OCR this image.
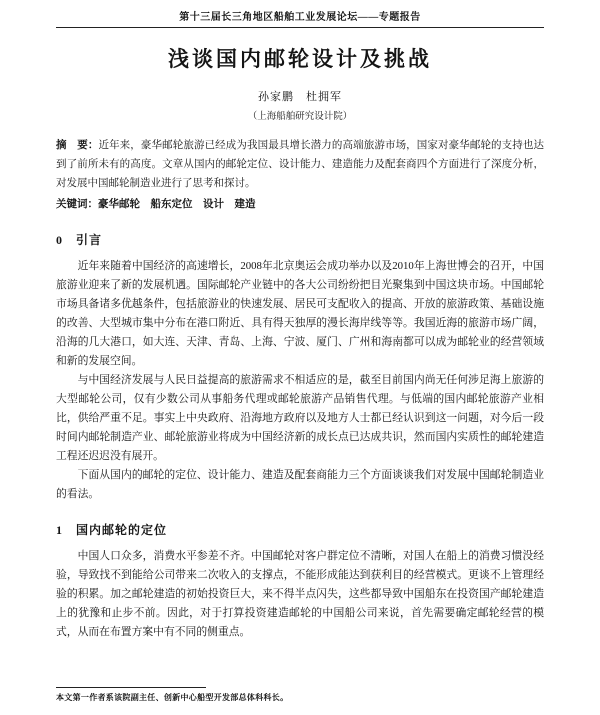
第十三届长三角地区船舶工业发展论坛——专题报告
浅谈国内邮轮设计及挑战
孙家鹏　杜拥军
（上海船舶研究设计院）
摘　要：近年来，豪华邮轮旅游已经成为我国最具增长潜力的高端旅游市场，国家对豪华邮轮的支持也达到了前所未有的高度。文章从国内的邮轮定位、设计能力、建造能力及配套商四个方面进行了深度分析，对发展中国邮轮制造业进行了思考和探讨。
关键词：豪华邮轮　船东定位　设计　建造
0　引言

近年来随着中国经济的高速增长，2008年北京奥运会成功举办以及2010年上海世博会的召开，中国旅游业迎来了新的发展机遇。国际邮轮产业链中的各大公司纷纷把目光聚集到中国这块市场。中国邮轮市场具备诸多优越条件，包括旅游业的快速发展、居民可支配收入的提高、开放的旅游政策、基础设施的改善、大型城市集中分布在港口附近、具有得天独厚的漫长海岸线等等。我国近海的旅游市场广阔，沿海的几大港口，如大连、天津、青岛、上海、宁波、厦门、广州和海南都可以成为邮轮业的经营领域和新的发展空间。

与中国经济发展与人民日益提高的旅游需求不相适应的是，截至目前国内尚无任何涉足海上旅游的大型邮轮公司，仅有少数公司从事船务代理或邮轮旅游产品销售代理。与低端的国内邮轮旅游产业相比，供给严重不足。事实上中央政府、沿海地方政府以及地方人士都已经认识到这一问题，对今后一段时间内邮轮制造产业、邮轮旅游业将成为中国经济新的成长点已达成共识，然而国内实质性的邮轮建造工程还迟迟没有展开。

下面从国内的邮轮的定位、设计能力、建造及配套商能力三个方面谈谈我们对发展中国邮轮制造业的看法。

1　国内邮轮的定位

中国人口众多，消费水平参差不齐。中国邮轮对客户群定位不清晰，对国人在船上的消费习惯没经验，导致找不到能给公司带来二次收入的支撑点，不能形成能达到获利目的经营模式。更谈不上管理经验的积累。加之邮轮建造的初始投资巨大，来不得半点闪失，这些都导致中国船东在投资国产邮轮建造上的犹豫和止步不前。因此，对于打算投资建造邮轮的中国船公司来说，首先需要确定邮轮经营的模式，从而在布置方案中有不同的侧重点。

本文第一作者系该院副主任、创新中心船型开发部总体科科长。
